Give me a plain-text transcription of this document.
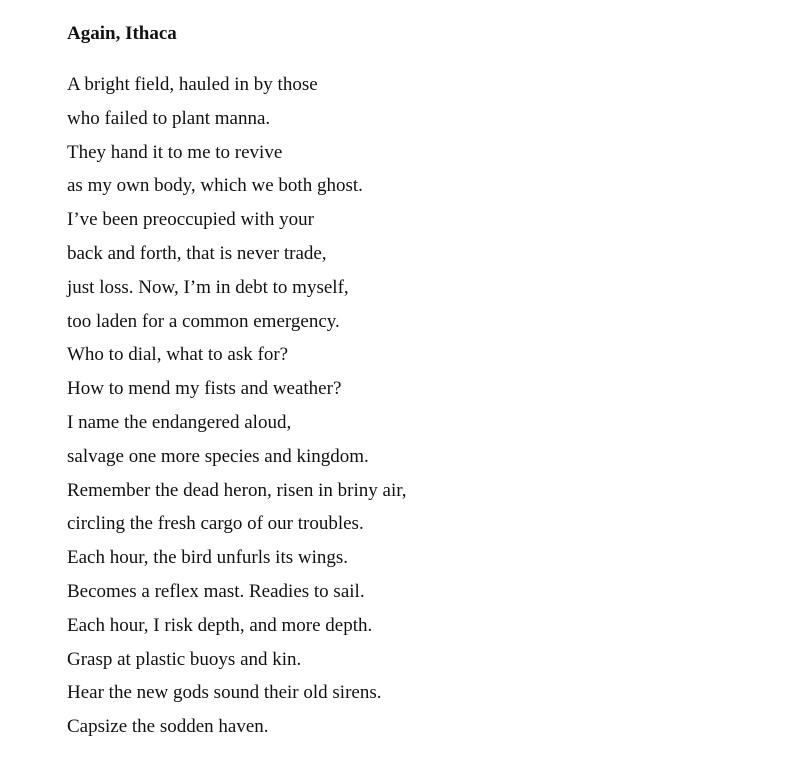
Again, Ithaca
A bright field, hauled in by those
who failed to plant manna.
They hand it to me to revive
as my own body, which we both ghost.
I’ve been preoccupied with your
back and forth, that is never trade,
just loss. Now, I’m in debt to myself,
too laden for a common emergency.
Who to dial, what to ask for?
How to mend my fists and weather?
I name the endangered aloud,
salvage one more species and kingdom.
Remember the dead heron, risen in briny air,
circling the fresh cargo of our troubles.
Each hour, the bird unfurls its wings.
Becomes a reflex mast. Readies to sail.
Each hour, I risk depth, and more depth.
Grasp at plastic buoys and kin.
Hear the new gods sound their old sirens.
Capsize the sodden haven.
